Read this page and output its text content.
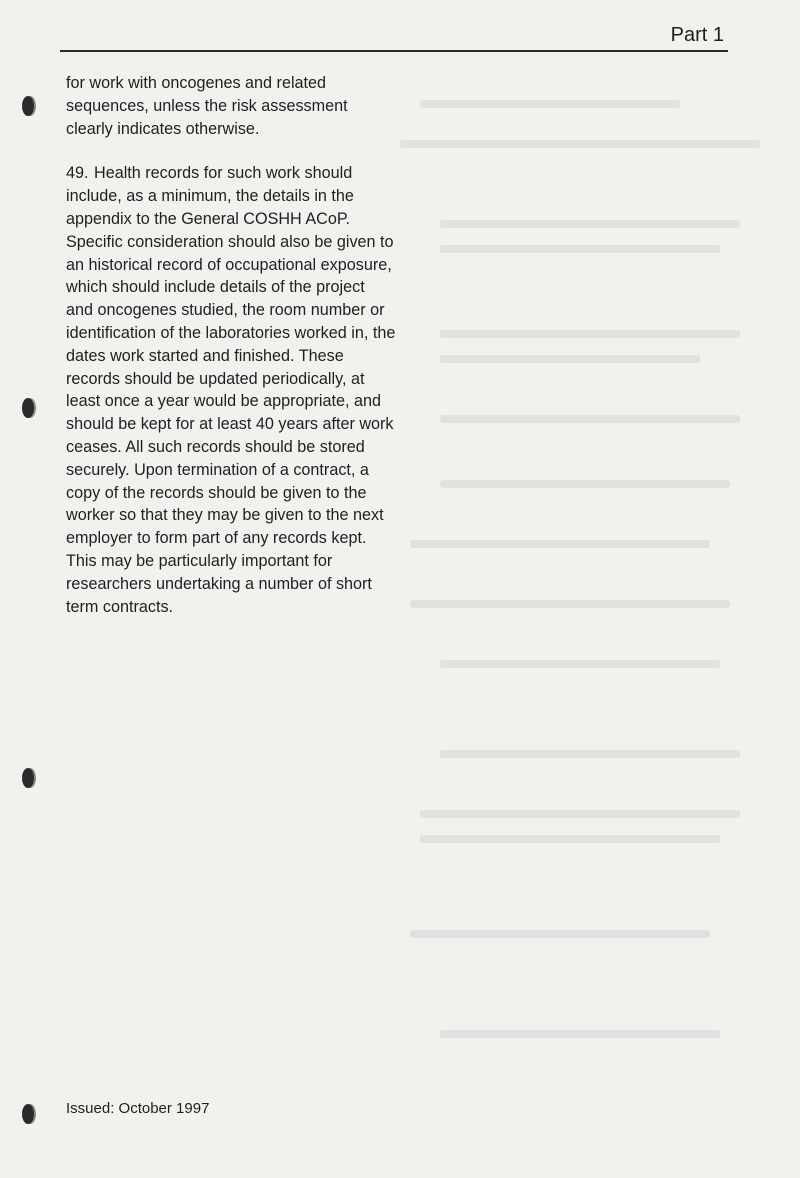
Part 1

for work with oncogenes and related sequences, unless the risk assessment clearly indicates otherwise.

49. Health records for such work should include, as a minimum, the details in the appendix to the General COSHH ACoP. Specific consideration should also be given to an historical record of occupational exposure, which should include details of the project and oncogenes studied, the room number or identification of the laboratories worked in, the dates work started and finished. These records should be updated periodically, at least once a year would be appropriate, and should be kept for at least 40 years after work ceases. All such records should be stored securely. Upon termination of a contract, a copy of the records should be given to the worker so that they may be given to the next employer to form part of any records kept. This may be particularly important for researchers undertaking a number of short term contracts.

Issued: October 1997
